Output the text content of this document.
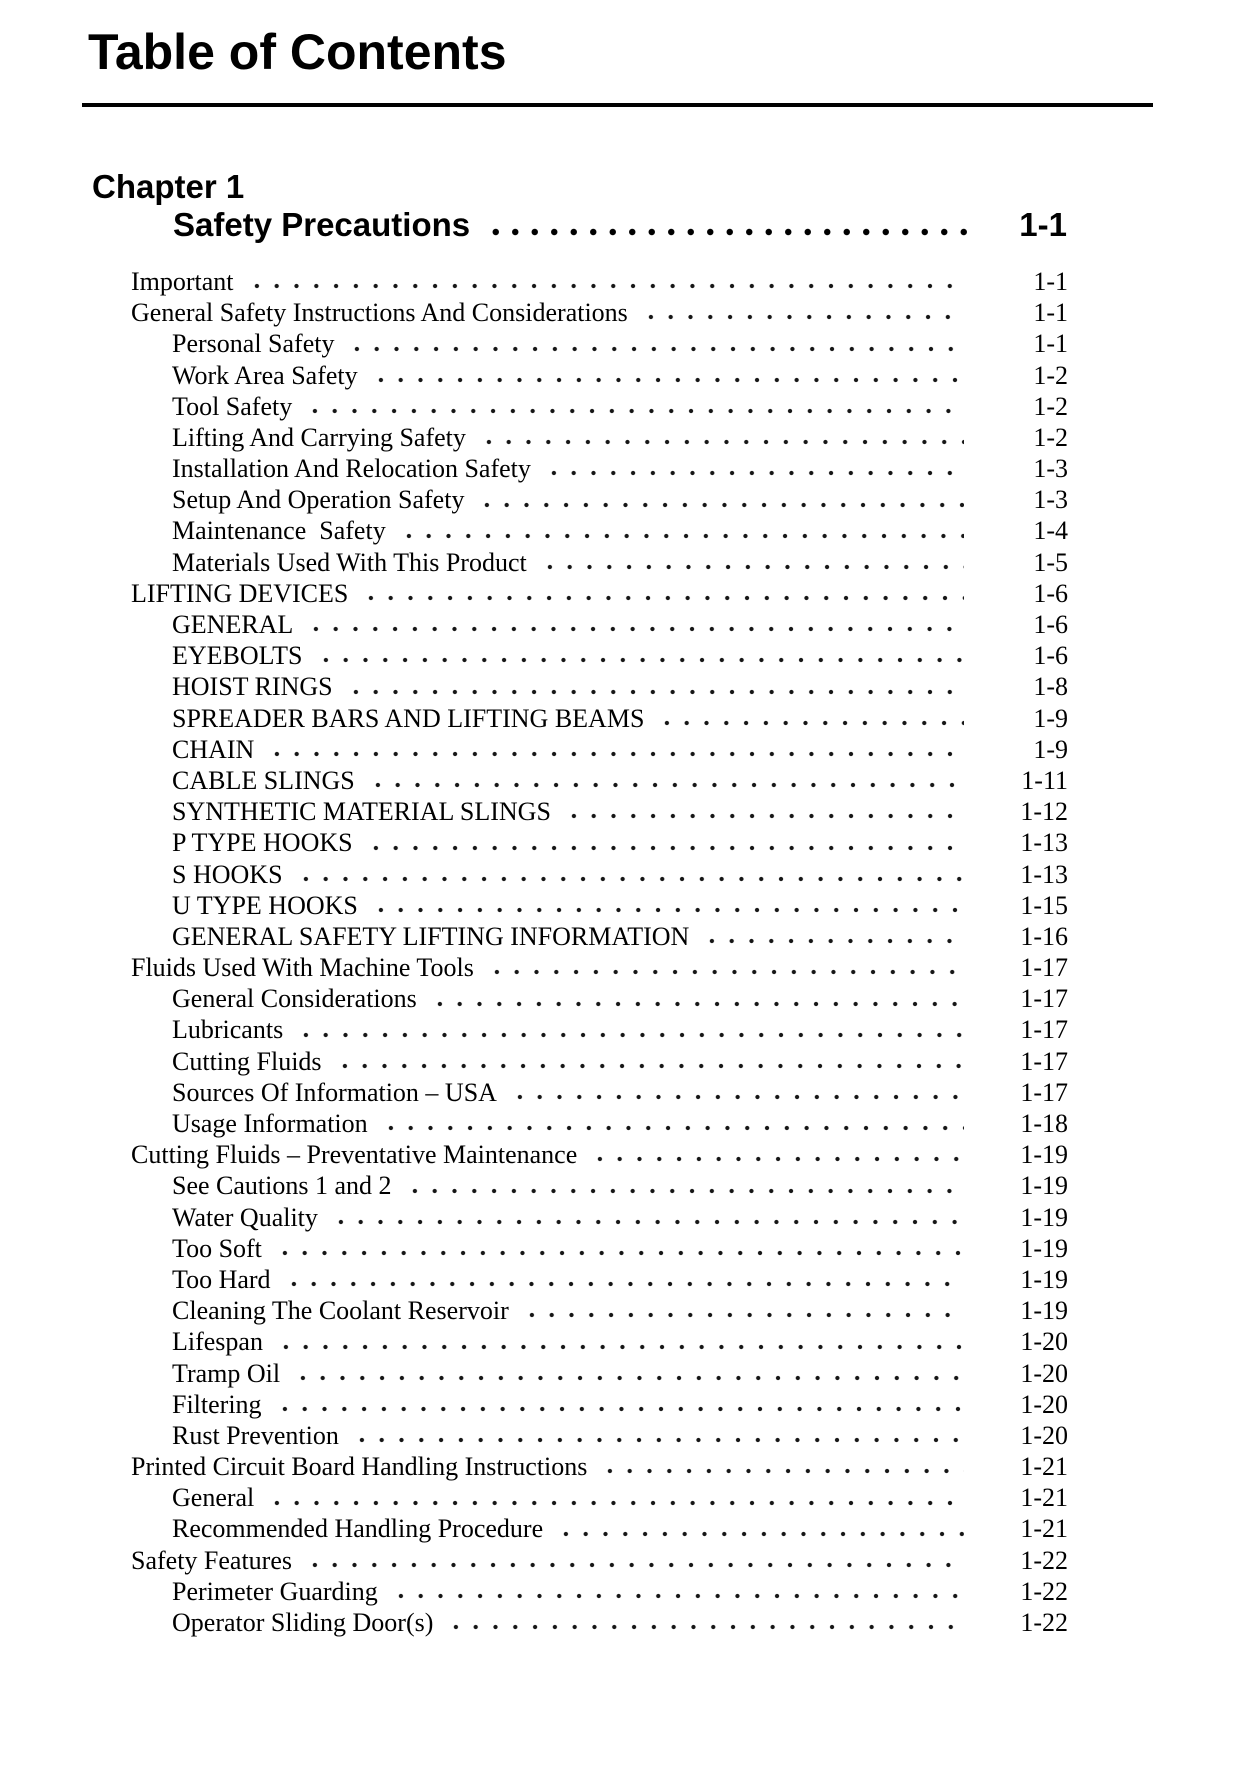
Table of Contents
Chapter 1
Safety Precautions	1-1
Important	1-1
General Safety Instructions And Considerations	1-1
Personal Safety	1-1
Work Area Safety	1-2
Tool Safety	1-2
Lifting And Carrying Safety	1-2
Installation And Relocation Safety	1-3
Setup And Operation Safety	1-3
Maintenance  Safety	1-4
Materials Used With This Product	1-5
LIFTING DEVICES	1-6
GENERAL	1-6
EYEBOLTS	1-6
HOIST RINGS	1-8
SPREADER BARS AND LIFTING BEAMS	1-9
CHAIN	1-9
CABLE SLINGS	1-11
SYNTHETIC MATERIAL SLINGS	1-12
P TYPE HOOKS	1-13
S HOOKS	1-13
U TYPE HOOKS	1-15
GENERAL SAFETY LIFTING INFORMATION	1-16
Fluids Used With Machine Tools	1-17
General Considerations	1-17
Lubricants	1-17
Cutting Fluids	1-17
Sources Of Information – USA	1-17
Usage Information	1-18
Cutting Fluids – Preventative Maintenance	1-19
See Cautions 1 and 2	1-19
Water Quality	1-19
Too Soft	1-19
Too Hard	1-19
Cleaning The Coolant Reservoir	1-19
Lifespan	1-20
Tramp Oil	1-20
Filtering	1-20
Rust Prevention	1-20
Printed Circuit Board Handling Instructions	1-21
General	1-21
Recommended Handling Procedure	1-21
Safety Features	1-22
Perimeter Guarding	1-22
Operator Sliding Door(s)	1-22
